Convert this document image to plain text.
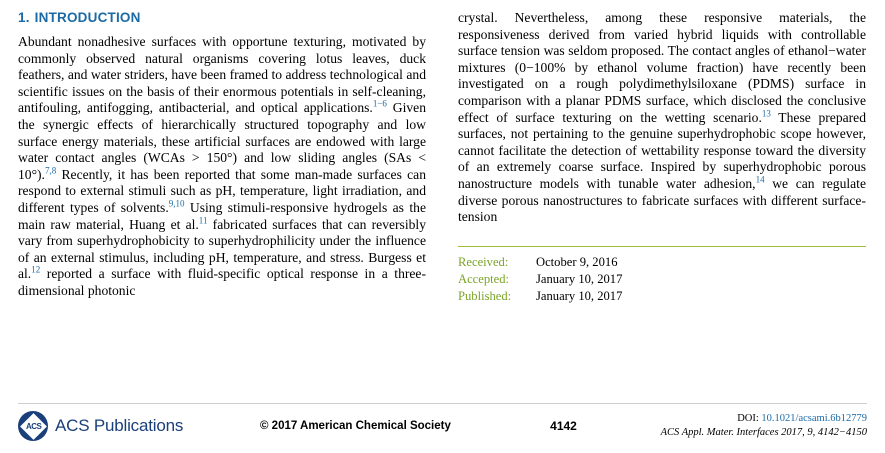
1. INTRODUCTION

Abundant nonadhesive surfaces with opportune texturing, motivated by commonly observed natural organisms covering lotus leaves, duck feathers, and water striders, have been framed to address technological and scientific issues on the basis of their enormous potentials in self-cleaning, antifouling, antifogging, antibacterial, and optical applications.$^{1-6}$ Given the synergic effects of hierarchically structured topography and low surface energy materials, these artificial surfaces are endowed with large water contact angles (WCAs > 150°) and low sliding angles (SAs < 10°).$^{7,8}$ Recently, it has been reported that some man-made surfaces can respond to external stimuli such as pH, temperature, light irradiation, and different types of solvents.$^{9,10}$ Using stimuli-responsive hydrogels as the main raw material, Huang et al.$^{11}$ fabricated surfaces that can reversibly vary from superhydrophobicity to superhydrophilicity under the influence of an external stimulus, including pH, temperature, and stress. Burgess et al.$^{12}$ reported a surface with fluid-specific optical response in a three-dimensional photonic

crystal. Nevertheless, among these responsive materials, the responsiveness derived from varied hybrid liquids with controllable surface tension was seldom proposed. The contact angles of ethanol−water mixtures (0−100% by ethanol volume fraction) have recently been investigated on a rough polydimethylsiloxane (PDMS) surface in comparison with a planar PDMS surface, which disclosed the conclusive effect of surface texturing on the wetting scenario.$^{13}$ These prepared surfaces, not pertaining to the genuine superhydrophobic scope however, cannot facilitate the detection of wettability response toward the diversity of an extremely coarse surface. Inspired by superhydrophobic porous nanostructure models with tunable water adhesion,$^{14}$ we can regulate diverse porous nanostructures to fabricate surfaces with different surface-tension

Received:	October 9, 2016
Accepted:	January 10, 2017
Published:	January 10, 2017
ACS ACS Publications	© 2017 American Chemical Society	4142
DOI: 10.1021/acsami.6b12779
ACS Appl. Mater. Interfaces 2017, 9, 4142−4150
